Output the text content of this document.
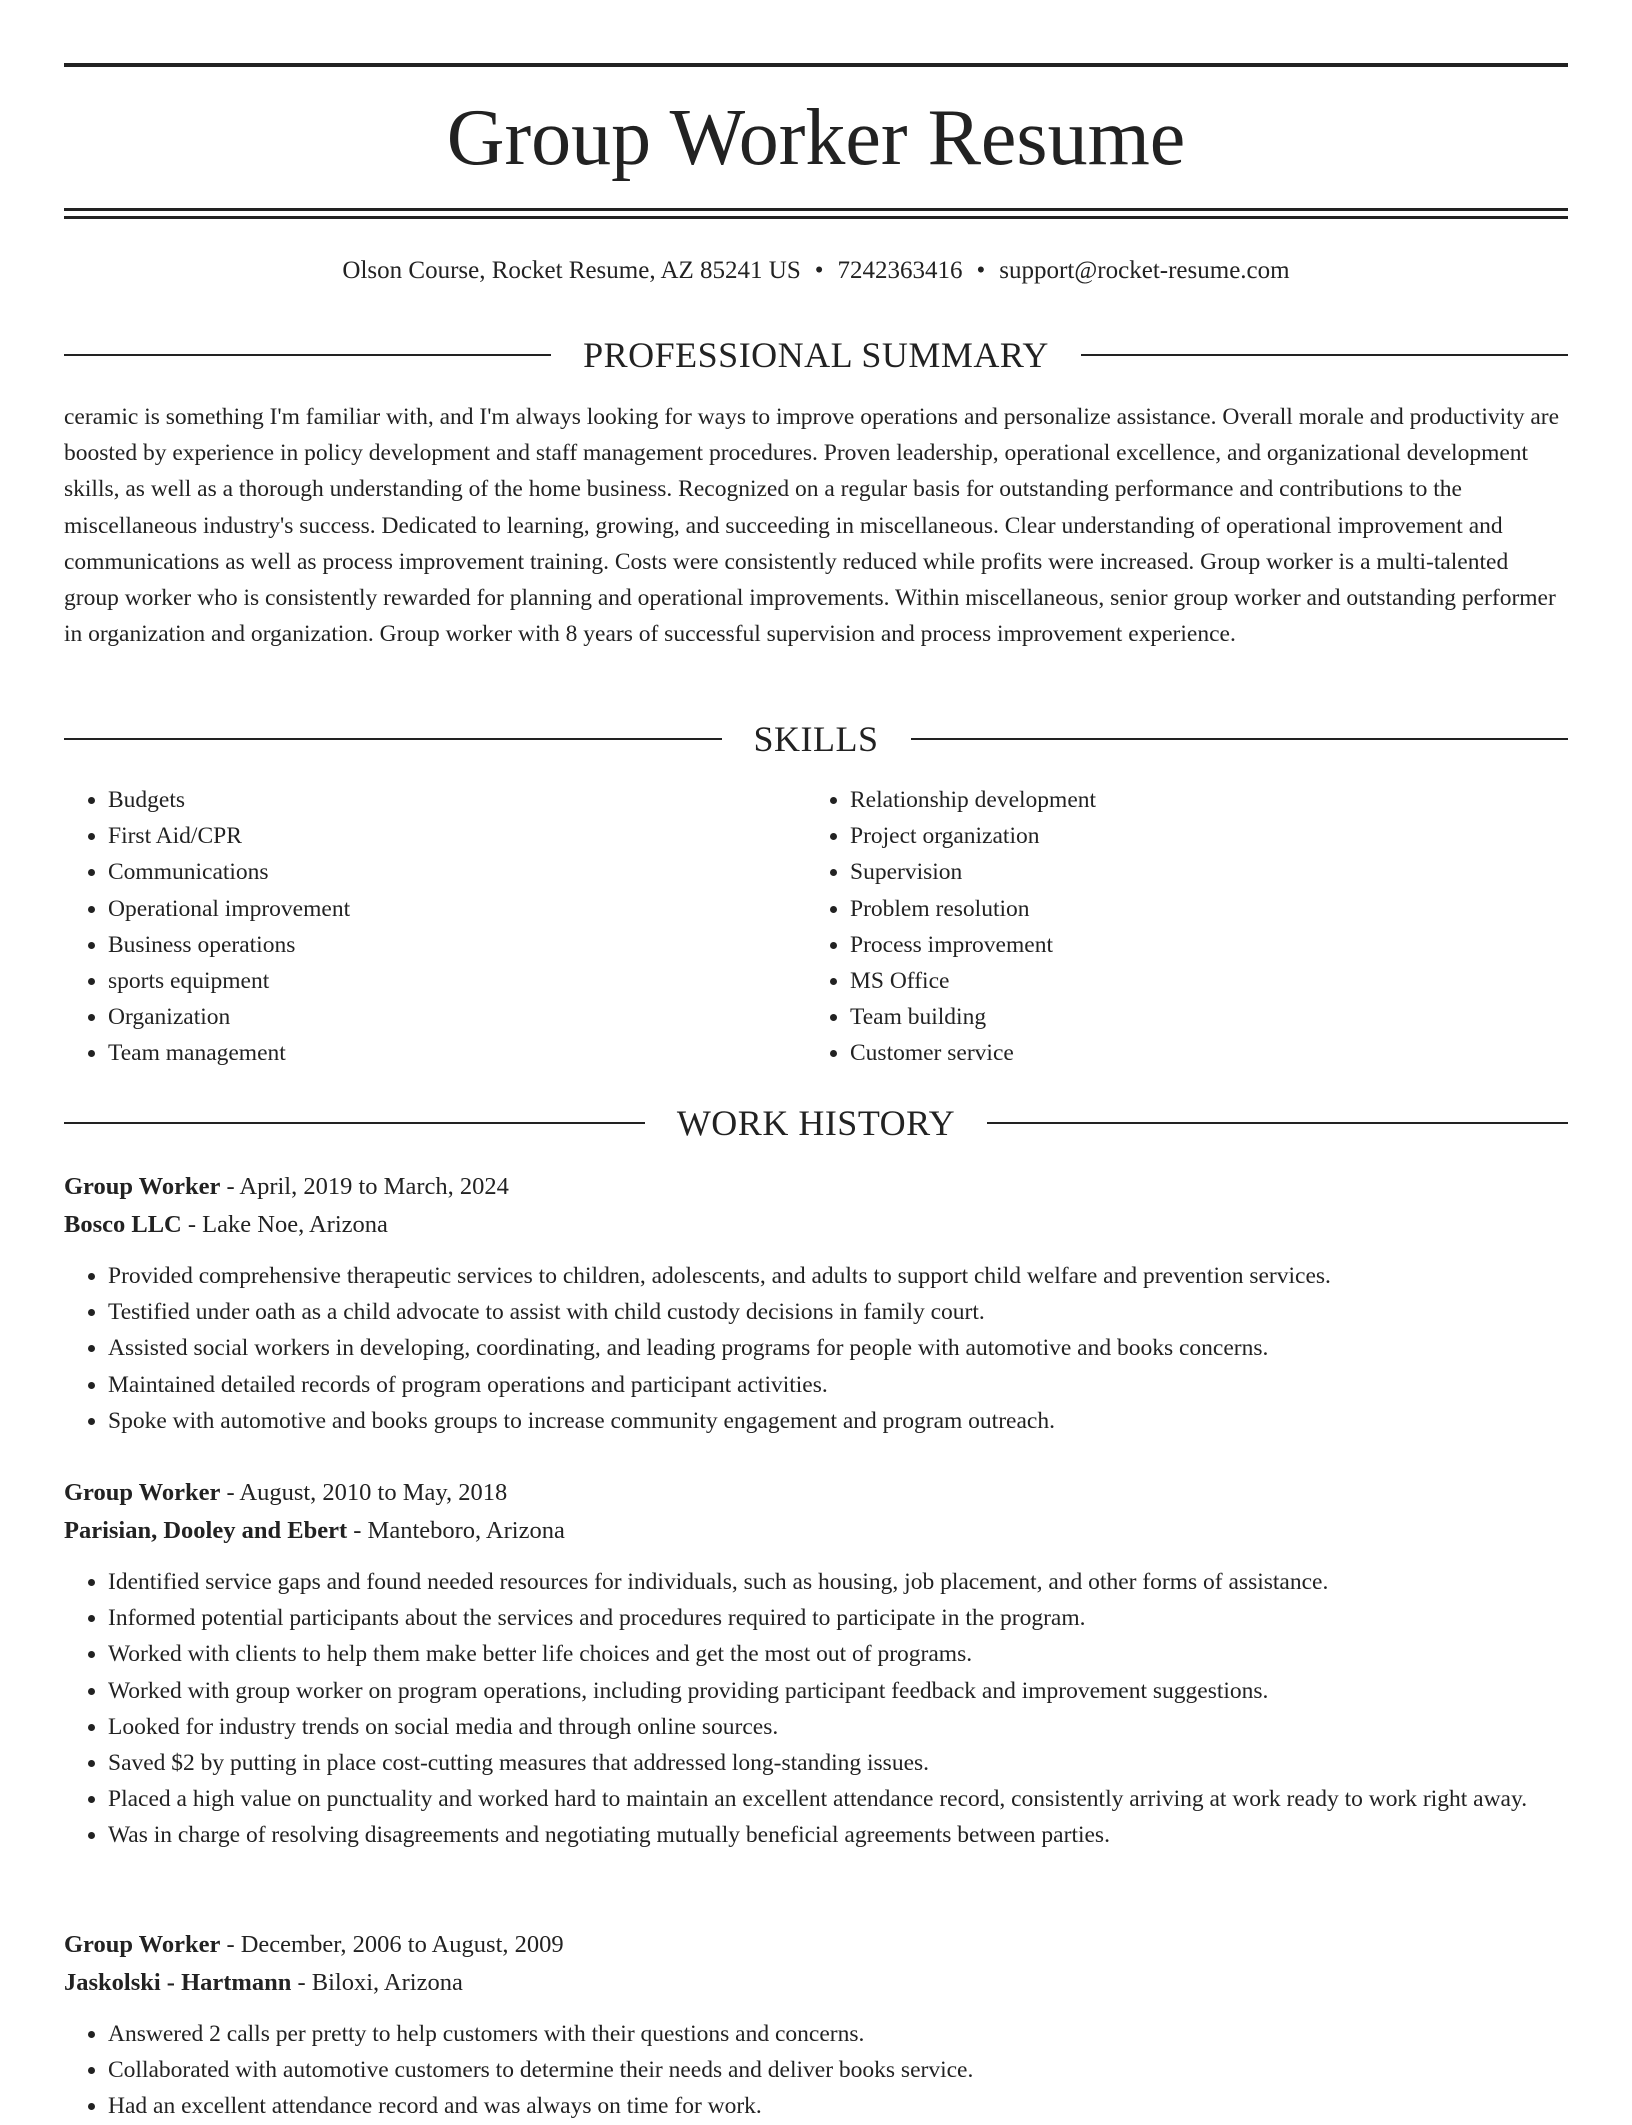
Group Worker Resume
Olson Course, Rocket Resume, AZ 85241 US • 7242363416 • support@rocket-resume.com
PROFESSIONAL SUMMARY

ceramic is something I'm familiar with, and I'm always looking for ways to improve operations and personalize assistance. Overall morale and productivity are boosted by experience in policy development and staff management procedures. Proven leadership, operational excellence, and organizational development skills, as well as a thorough understanding of the home business. Recognized on a regular basis for outstanding performance and contributions to the miscellaneous industry's success. Dedicated to learning, growing, and succeeding in miscellaneous. Clear understanding of operational improvement and communications as well as process improvement training. Costs were consistently reduced while profits were increased. Group worker is a multi-talented group worker who is consistently rewarded for planning and operational improvements. Within miscellaneous, senior group worker and outstanding performer in organization and organization. Group worker with 8 years of successful supervision and process improvement experience.

SKILLS
• Budgets
• First Aid/CPR
• Communications
• Operational improvement
• Business operations
• sports equipment
• Organization
• Team management
• Relationship development
• Project organization
• Supervision
• Problem resolution
• Process improvement
• MS Office
• Team building
• Customer service
WORK HISTORY
Group Worker - April, 2019 to March, 2024
Bosco LLC - Lake Noe, Arizona
• Provided comprehensive therapeutic services to children, adolescents, and adults to support child welfare and prevention services.
• Testified under oath as a child advocate to assist with child custody decisions in family court.
• Assisted social workers in developing, coordinating, and leading programs for people with automotive and books concerns.
• Maintained detailed records of program operations and participant activities.
• Spoke with automotive and books groups to increase community engagement and program outreach.
Group Worker - August, 2010 to May, 2018
Parisian, Dooley and Ebert - Manteboro, Arizona
• Identified service gaps and found needed resources for individuals, such as housing, job placement, and other forms of assistance.
• Informed potential participants about the services and procedures required to participate in the program.
• Worked with clients to help them make better life choices and get the most out of programs.
• Worked with group worker on program operations, including providing participant feedback and improvement suggestions.
• Looked for industry trends on social media and through online sources.
• Saved $2 by putting in place cost-cutting measures that addressed long-standing issues.
• Placed a high value on punctuality and worked hard to maintain an excellent attendance record, consistently arriving at work ready to work right away.
• Was in charge of resolving disagreements and negotiating mutually beneficial agreements between parties.
Group Worker - December, 2006 to August, 2009
Jaskolski - Hartmann - Biloxi, Arizona
• Answered 2 calls per pretty to help customers with their questions and concerns.
• Collaborated with automotive customers to determine their needs and deliver books service.
• Had an excellent attendance record and was always on time for work.
